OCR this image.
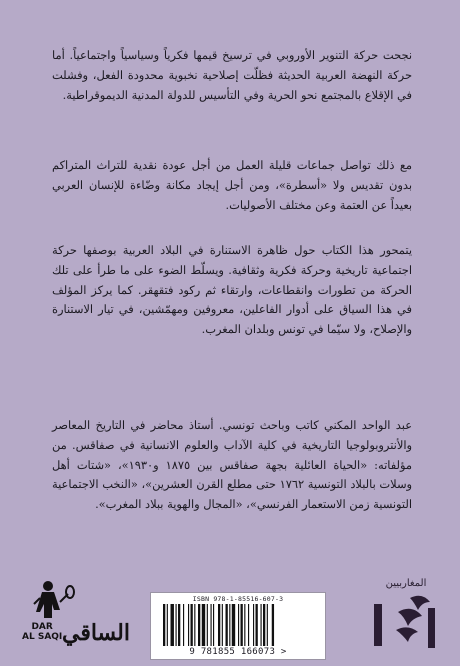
نجحت حركة التنوير الأوروبي في ترسيخ قيمها فكرياً وسياسياً واجتماعياً. أما حركة النهضة العربية الحديثة فظلّت إصلاحية نخبوية محدودة الفعل، وفشلت في الإقلاع بالمجتمع نحو الحرية وفي التأسيس للدولة المدنية الديموقراطية.

مع ذلك تواصل جماعات قليلة العمل من أجل عودة نقدية للتراث المتراكم بدون تقديس ولا «أسطرة»، ومن أجل إيجاد مكانة وضّاءة للإنسان العربي بعيداً عن العتمة وعن مختلف الأصوليات.

يتمحور هذا الكتاب حول ظاهرة الاستنارة في البلاد العربية بوصفها حركة اجتماعية تاريخية وحركة فكرية وثقافية. ويسلّط الضوء على ما طرأ على تلك الحركة من تطورات وانقطاعات، وارتقاء ثم ركود فتقهقر. كما يركز المؤلف في هذا السياق على أدوار الفاعلين، معروفين ومهمّشين، في تيار الاستنارة والإصلاح، ولا سيّما في تونس وبلدان المغرب.

عبد الواحد المكني كاتب وباحث تونسي. أستاذ محاضر في التاريخ المعاصر والأنتروبولوجيا التاريخية في كلية الآداب والعلوم الانسانية في صفاقس. من مؤلفاته: «الحياة العائلية بجهة صفاقس بين ١٨٧٥ و١٩٣٠»، «شتات أهل وسلات بالبلاد التونسية ١٧٦٢ حتى مطلع القرن العشرين»، «النخب الاجتماعية التونسية زمن الاستعمار الفرنسي»، «المجال والهوية ببلاد المغرب».

المغاربيين
ISBN 978-1-85516-607-3
9 781855 166073 >
DAR
AL SAQI الساقي
